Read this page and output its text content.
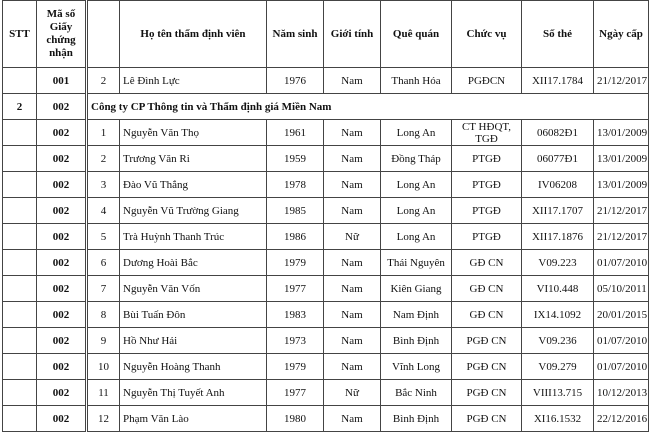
STT	Mã số Giấy chứng nhận		Họ tên thẩm định viên	Năm sinh	Giới tính	Quê quán	Chức vụ	Số thẻ	Ngày cấp
	001	2	Lê Đình Lực	1976	Nam	Thanh Hóa	PGĐCN	XII17.1784	21/12/2017
2	002	Công ty CP Thông tin và Thẩm định giá Miền Nam							
	002	1	Nguyễn Văn Thọ	1961	Nam	Long An	CT HĐQT, TGĐ	06082Đ1	13/01/2009
	002	2	Trương Văn Ri	1959	Nam	Đồng Tháp	PTGĐ	06077Đ1	13/01/2009
	002	3	Đào Vũ Thắng	1978	Nam	Long An	PTGĐ	IV06208	13/01/2009
	002	4	Nguyễn Vũ Trường Giang	1985	Nam	Long An	PTGĐ	XII17.1707	21/12/2017
	002	5	Trà Huỳnh Thanh Trúc	1986	Nữ	Long An	PTGĐ	XII17.1876	21/12/2017
	002	6	Dương Hoài Bắc	1979	Nam	Thái Nguyên	GĐ CN	V09.223	01/07/2010
	002	7	Nguyễn Văn Vốn	1977	Nam	Kiên Giang	GĐ CN	VI10.448	05/10/2011
	002	8	Bùi Tuấn Đôn	1983	Nam	Nam Định	GĐ CN	IX14.1092	20/01/2015
	002	9	Hồ Như Hải	1973	Nam	Bình Định	PGĐ CN	V09.236	01/07/2010
	002	10	Nguyễn Hoàng Thanh	1979	Nam	Vĩnh Long	PGĐ CN	V09.279	01/07/2010
	002	11	Nguyễn Thị Tuyết Anh	1977	Nữ	Bắc Ninh	PGĐ CN	VIII13.715	10/12/2013
	002	12	Phạm Văn Lào	1980	Nam	Bình Định	PGĐ CN	XI16.1532	22/12/2016
